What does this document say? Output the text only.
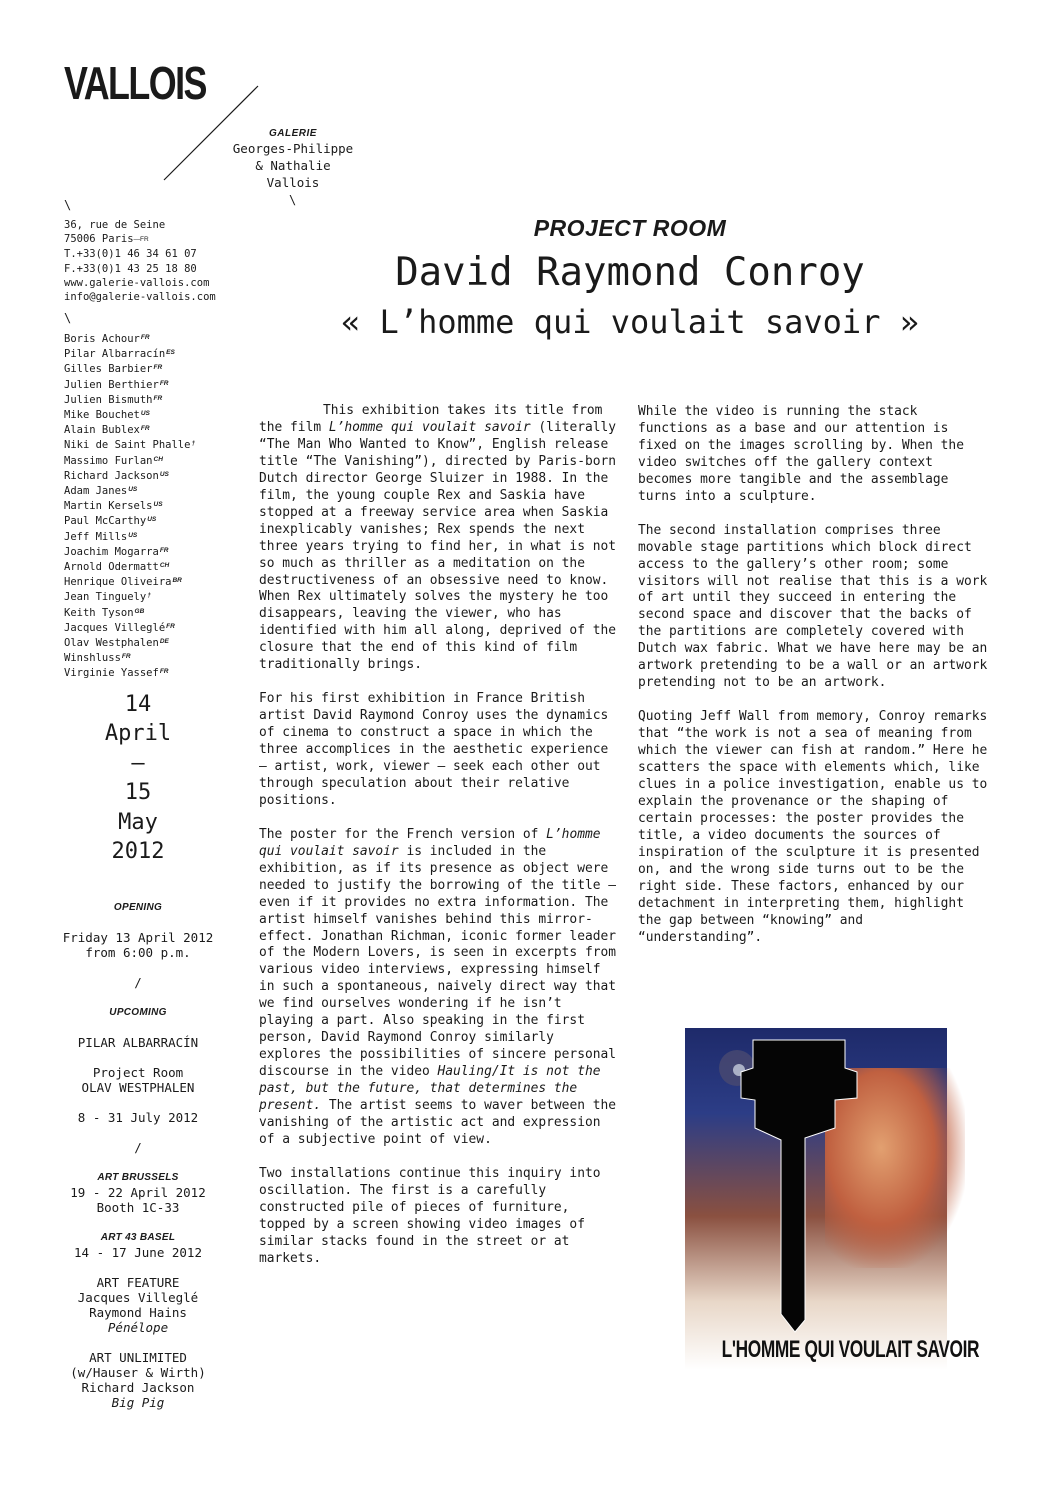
VALLOIS
GALERIE
Georges-Philippe
& Nathalie
Vallois
\
\
36, rue de Seine
75006 Paris—FR
T.+33(0)1 46 34 61 07
F.+33(0)1 43 25 18 80
www.galerie-vallois.com
info@galerie-vallois.com
\
Boris Achour$^{FR}$
Pilar Albarracín$^{ES}$
Gilles Barbier$^{FR}$
Julien Berthier$^{FR}$
Julien Bismuth$^{FR}$
Mike Bouchet$^{US}$
Alain Bublex$^{FR}$
Niki de Saint Phalle†
Massimo Furlan$^{CH}$
Richard Jackson$^{US}$
Adam Janes$^{US}$
Martin Kersels$^{US}$
Paul McCarthy$^{US}$
Jeff Mills$^{US}$
Joachim Mogarra$^{FR}$
Arnold Odermatt$^{CH}$
Henrique Oliveira$^{BR}$
Jean Tinguely†
Keith Tyson$^{GB}$
Jacques Villeglé$^{FR}$
Olav Westphalen$^{DE}$
Winshluss$^{FR}$
Virginie Yassef$^{FR}$
14
April
–
15
May
2012
OPENING
Friday 13 April 2012
from 6:00 p.m.
/
UPCOMING
PILAR ALBARRACÍN
Project Room
OLAV WESTPHALEN
8 - 31 July 2012
/
ART BRUSSELS
19 - 22 April 2012
Booth 1C-33
ART 43 BASEL
14 - 17 June 2012
ART FEATURE
Jacques Villeglé
Raymond Hains
Pénélope
ART UNLIMITED
(w/Hauser & Wirth)
Richard Jackson
Big Pig
PROJECT ROOM
David Raymond Conroy
« L’homme qui voulait savoir »

This exhibition takes its title from the film L’homme qui voulait savoir (literally “The Man Who Wanted to Know”, English release title “The Vanishing”), directed by Paris-born Dutch director George Sluizer in 1988. In the film, the young couple Rex and Saskia have stopped at a freeway service area when Saskia inexplicably vanishes; Rex spends the next three years trying to find her, in what is not so much as thriller as a meditation on the destructiveness of an obsessive need to know. When Rex ultimately solves the mystery he too disappears, leaving the viewer, who has identified with him all along, deprived of the closure that the end of this kind of film traditionally brings.

For his first exhibition in France British artist David Raymond Conroy uses the dynamics of cinema to construct a space in which the three accomplices in the aesthetic experience – artist, work, viewer – seek each other out through speculation about their relative positions.

The poster for the French version of L’homme qui voulait savoir is included in the exhibition, as if its presence as object were needed to justify the borrowing of the title – even if it provides no extra information. The artist himself vanishes behind this mirror-effect. Jonathan Richman, iconic former leader of the Modern Lovers, is seen in excerpts from various video interviews, expressing himself in such a spontaneous, naively direct way that we find ourselves wondering if he isn’t playing a part. Also speaking in the first person, David Raymond Conroy similarly explores the possibilities of sincere personal discourse in the video Hauling/It is not the past, but the future, that determines the present. The artist seems to waver between the vanishing of the artistic act and expression of a subjective point of view.

Two installations continue this inquiry into oscillation. The first is a carefully constructed pile of pieces of furniture, topped by a screen showing video images of similar stacks found in the street or at markets.

While the video is running the stack functions as a base and our attention is fixed on the images scrolling by. When the video switches off the gallery context becomes more tangible and the assemblage turns into a sculpture.

The second installation comprises three movable stage partitions which block direct access to the gallery’s other room; some visitors will not realise that this is a work of art until they succeed in entering the second space and discover that the backs of the partitions are completely covered with Dutch wax fabric. What we have here may be an artwork pretending to be a wall or an artwork pretending not to be an artwork.

Quoting Jeff Wall from memory, Conroy remarks that “the work is not a sea of meaning from which the viewer can fish at random.” Here he scatters the space with elements which, like clues in a police investigation, enable us to explain the provenance or the shaping of certain processes: the poster provides the title, a video documents the sources of inspiration of the sculpture it is presented on, and the wrong side turns out to be the right side. These factors, enhanced by our detachment in interpreting them, highlight the gap between “knowing” and “understanding”.

L'HOMME QUI VOULAIT SAVOIR
